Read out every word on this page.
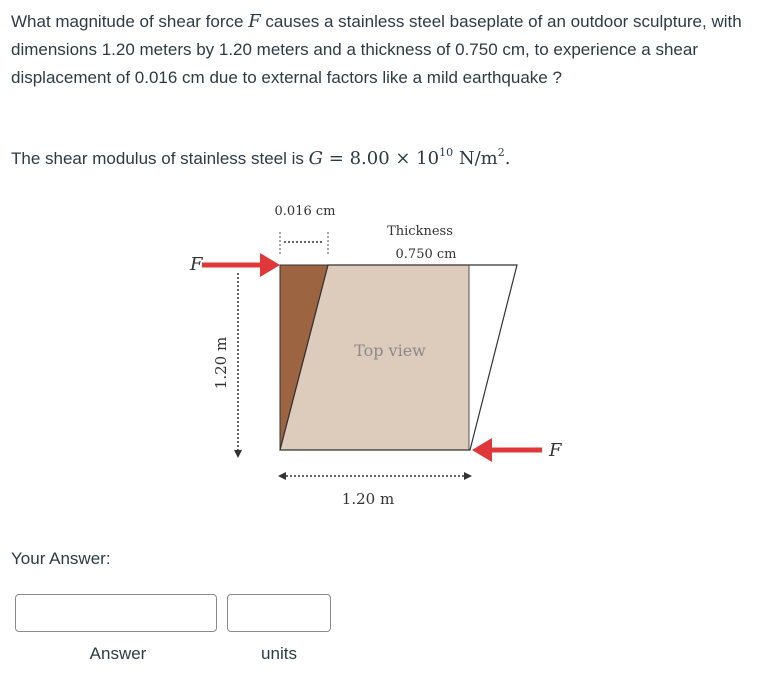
What magnitude of shear force F causes a stainless steel baseplate of an outdoor sculpture, with dimensions 1.20 meters by 1.20 meters and a thickness of 0.750 cm, to experience a shear displacement of 0.016 cm due to external factors like a mild earthquake ?

The shear modulus of stainless steel is $G = 8.00 \times 10^{10}$ $N/m^2$.
0.016 cm
Thickness
0.750 cm
Top view
F
F
1.20 m
1.20 m
Your Answer:
Answer	units
